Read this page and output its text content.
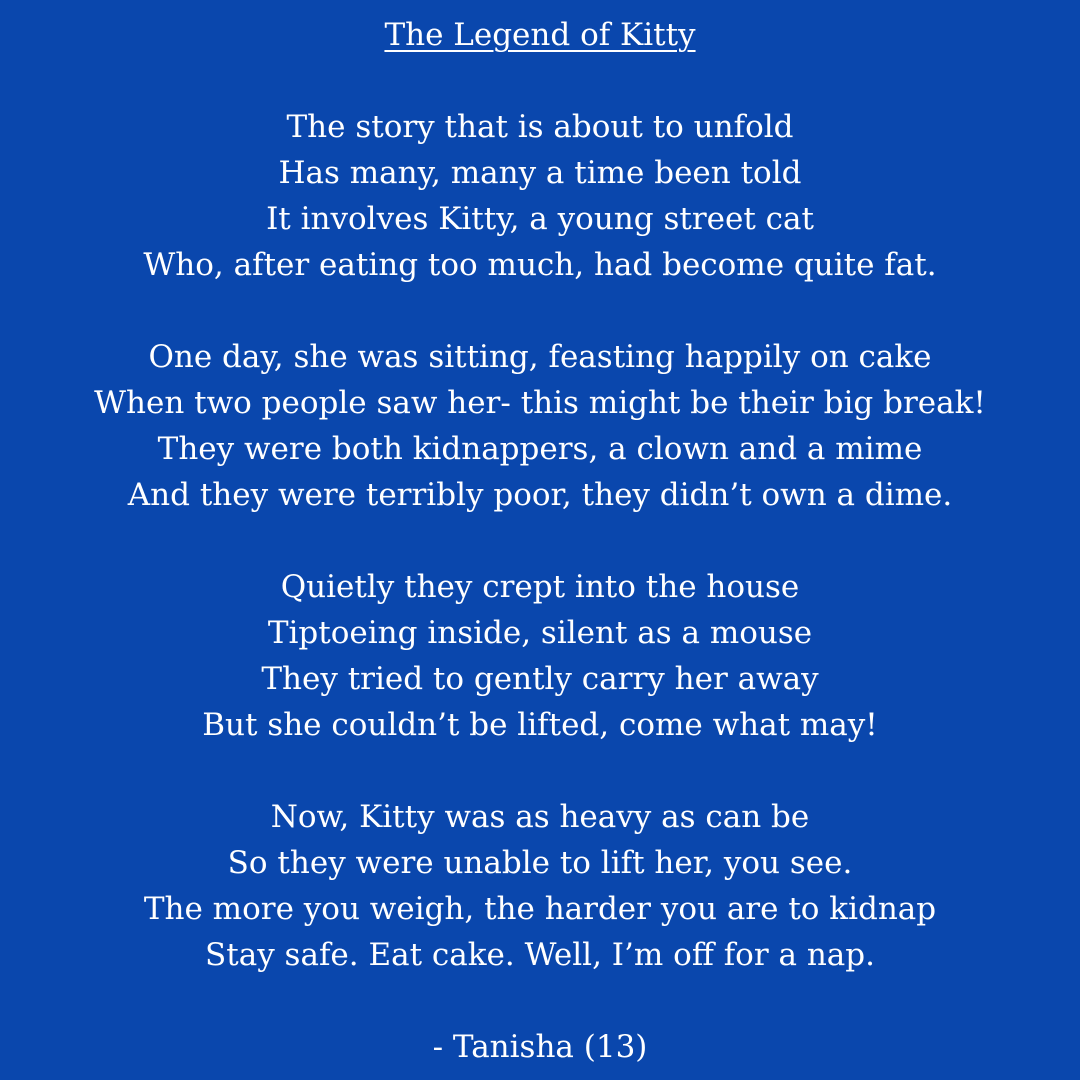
The Legend of Kitty
The story that is about to unfold
Has many, many a time been told
It involves Kitty, a young street cat
Who, after eating too much, had become quite fat.
One day, she was sitting, feasting happily on cake
When two people saw her- this might be their big break!
They were both kidnappers, a clown and a mime
And they were terribly poor, they didn’t own a dime.
Quietly they crept into the house
Tiptoeing inside, silent as a mouse
They tried to gently carry her away
But she couldn’t be lifted, come what may!
Now, Kitty was as heavy as can be
So they were unable to lift her, you see.
The more you weigh, the harder you are to kidnap
Stay safe. Eat cake. Well, I’m off for a nap.
- Tanisha (13)
